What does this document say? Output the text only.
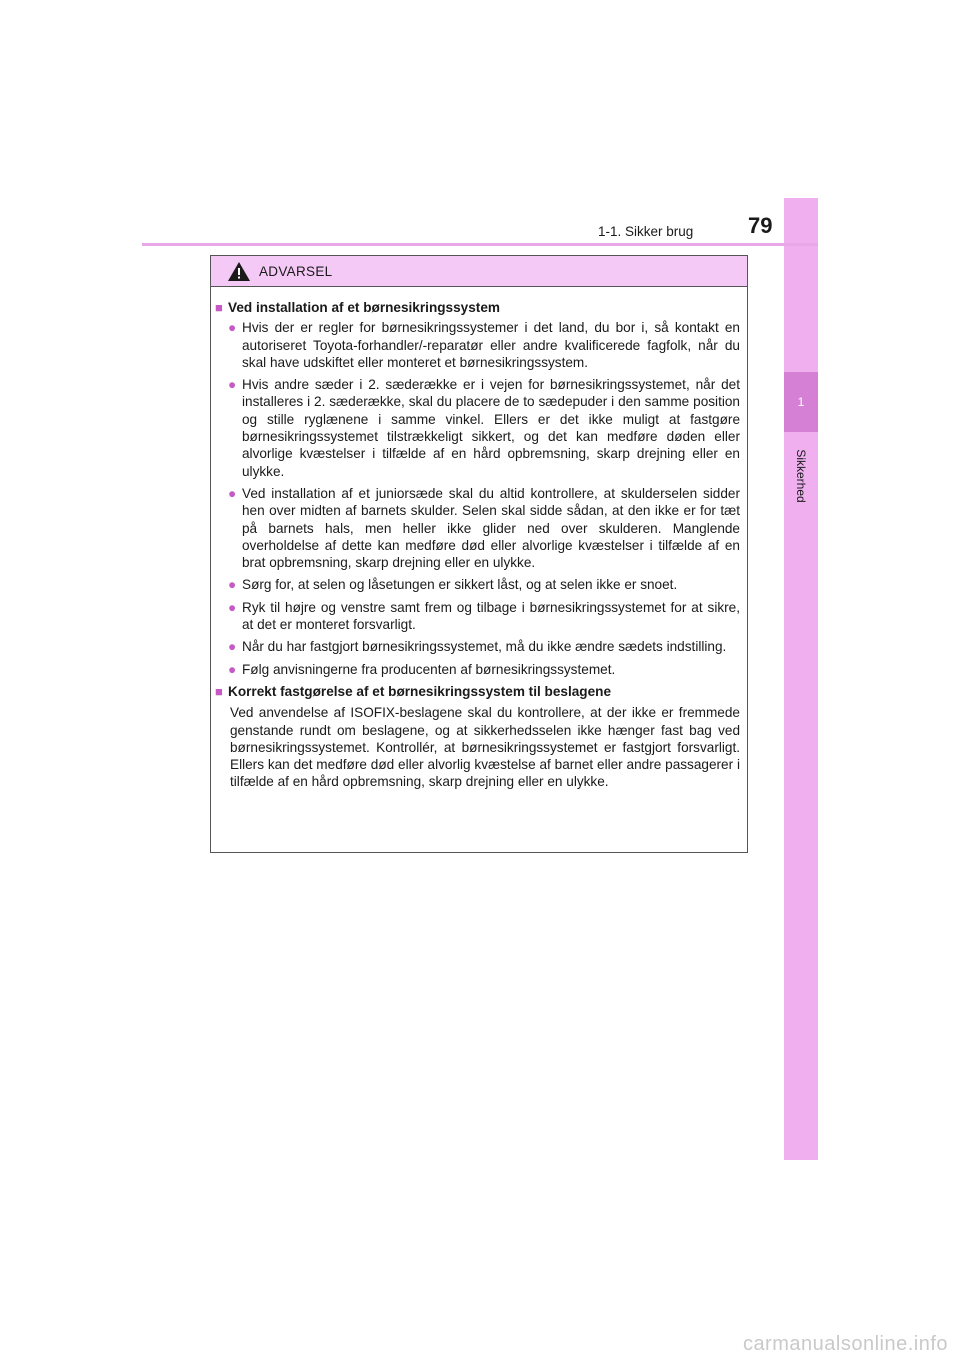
1
Sikkerhed
1-1. Sikker brug 79
ADVARSEL
■ Ved installation af et børnesikringssystem
● Hvis der er regler for børnesikringssystemer i det land, du bor i, så kontakt en autoriseret Toyota-forhandler/-reparatør eller andre kvalificerede fagfolk, når du skal have udskiftet eller monteret et børnesikringssystem.
● Hvis andre sæder i 2. sæderække er i vejen for børnesikringssystemet, når det installeres i 2. sæderække, skal du placere de to sædepuder i den samme position og stille ryglænene i samme vinkel. Ellers er det ikke muligt at fastgøre børnesikringssystemet tilstrækkeligt sikkert, og det kan medføre døden eller alvorlige kvæstelser i tilfælde af en hård opbremsning, skarp drejning eller en ulykke.
● Ved installation af et juniorsæde skal du altid kontrollere, at skulderselen sidder hen over midten af barnets skulder. Selen skal sidde sådan, at den ikke er for tæt på barnets hals, men heller ikke glider ned over skulderen. Manglende overholdelse af dette kan medføre død eller alvorlige kvæstelser i tilfælde af en brat opbremsning, skarp drejning eller en ulykke.
● Sørg for, at selen og låsetungen er sikkert låst, og at selen ikke er snoet.
● Ryk til højre og venstre samt frem og tilbage i børnesikringssystemet for at sikre, at det er monteret forsvarligt.
● Når du har fastgjort børnesikringssystemet, må du ikke ændre sædets indstilling.
● Følg anvisningerne fra producenten af børnesikringssystemet.
■ Korrekt fastgørelse af et børnesikringssystem til beslagene
Ved anvendelse af ISOFIX-beslagene skal du kontrollere, at der ikke er fremmede genstande rundt om beslagene, og at sikkerhedsselen ikke hænger fast bag ved børnesikringssystemet. Kontrollér, at børnesikringssystemet er fastgjort forsvarligt. Ellers kan det medføre død eller alvorlig kvæstelse af barnet eller andre passagerer i tilfælde af en hård opbremsning, skarp drejning eller en ulykke.
carmanualsonline.info
